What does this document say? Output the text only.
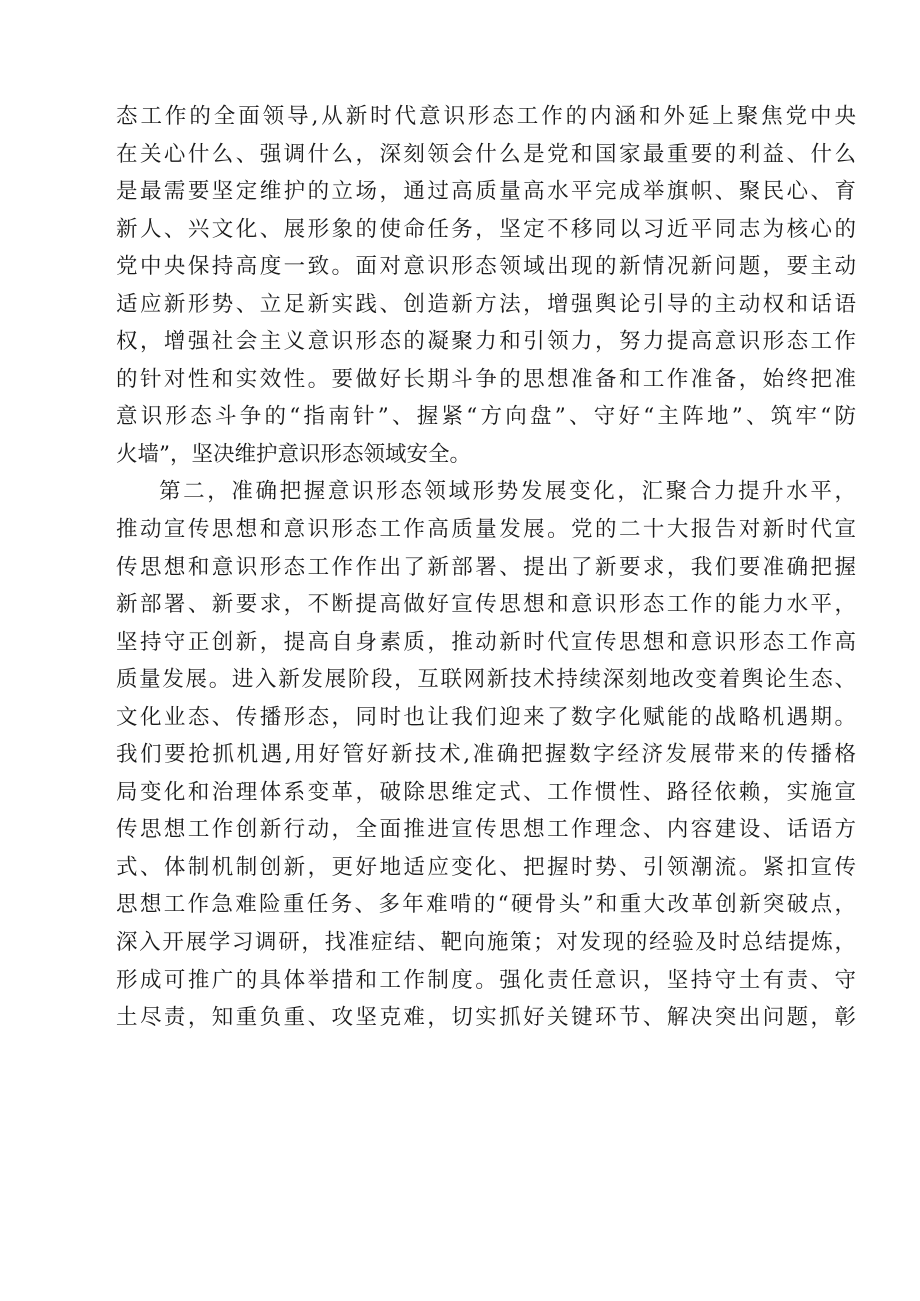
态工作的全面领导,从新时代意识形态工作的内涵和外延上聚焦党中央
在关心什么、强调什么，深刻领会什么是党和国家最重要的利益、什么
是最需要坚定维护的立场，通过高质量高水平完成举旗帜、聚民心、育
新人、兴文化、展形象的使命任务，坚定不移同以习近平同志为核心的
党中央保持高度一致。面对意识形态领域出现的新情况新问题，要主动
适应新形势、立足新实践、创造新方法，增强舆论引导的主动权和话语
权，增强社会主义意识形态的凝聚力和引领力，努力提高意识形态工作
的针对性和实效性。要做好长期斗争的思想准备和工作准备，始终把准
意识形态斗争的“指南针”、握紧“方向盘”、守好“主阵地”、筑牢“防
火墙”，坚决维护意识形态领域安全。
第二，准确把握意识形态领域形势发展变化，汇聚合力提升水平，
推动宣传思想和意识形态工作高质量发展。党的二十大报告对新时代宣
传思想和意识形态工作作出了新部署、提出了新要求，我们要准确把握
新部署、新要求，不断提高做好宣传思想和意识形态工作的能力水平，
坚持守正创新，提高自身素质，推动新时代宣传思想和意识形态工作高
质量发展。进入新发展阶段，互联网新技术持续深刻地改变着舆论生态、
文化业态、传播形态，同时也让我们迎来了数字化赋能的战略机遇期。
我们要抢抓机遇,用好管好新技术,准确把握数字经济发展带来的传播格
局变化和治理体系变革，破除思维定式、工作惯性、路径依赖，实施宣
传思想工作创新行动，全面推进宣传思想工作理念、内容建设、话语方
式、体制机制创新，更好地适应变化、把握时势、引领潮流。紧扣宣传
思想工作急难险重任务、多年难啃的“硬骨头”和重大改革创新突破点，
深入开展学习调研，找准症结、靶向施策；对发现的经验及时总结提炼，
形成可推广的具体举措和工作制度。强化责任意识，坚持守土有责、守
土尽责，知重负重、攻坚克难，切实抓好关键环节、解决突出问题，彰
